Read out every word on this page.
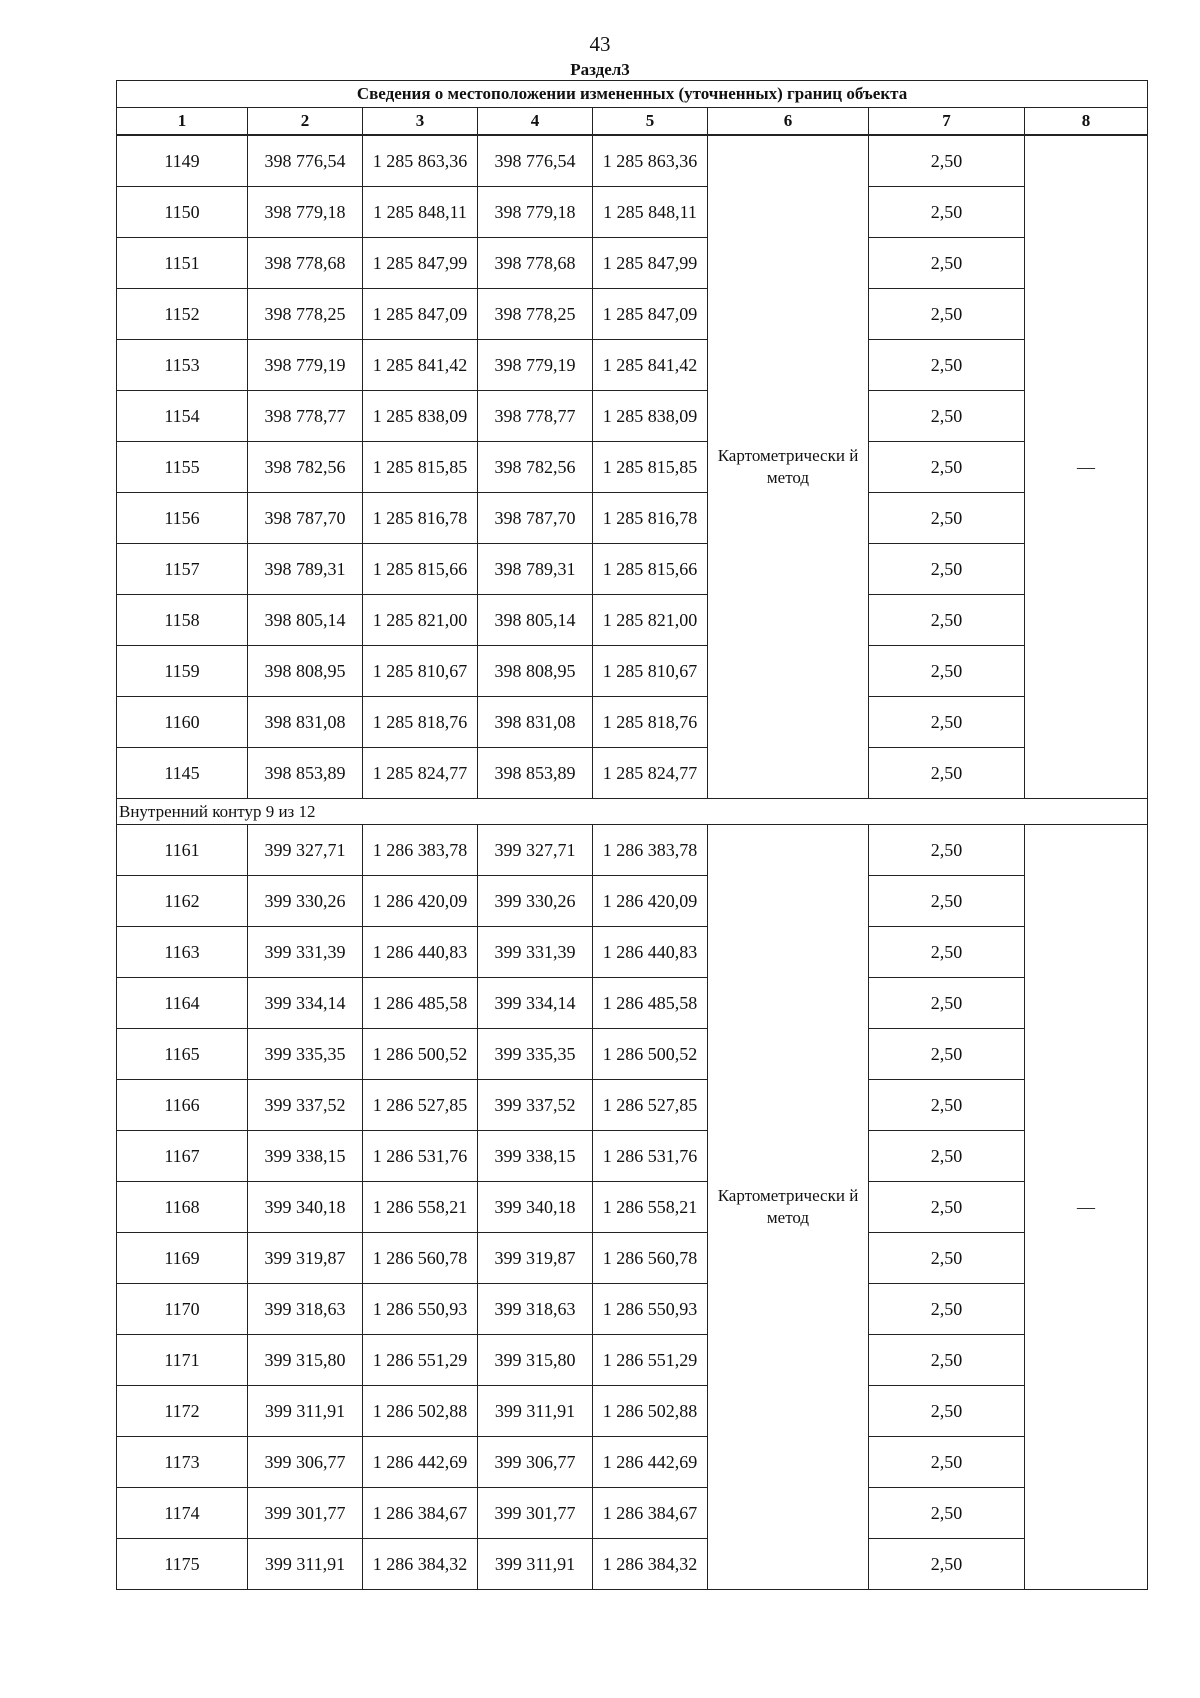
43
Раздел3
Сведения о местоположении измененных (уточненных) границ объекта							
1	2	3	4	5	6	7	8
1149	398 776,54	1 285 863,36	398 776,54	1 285 863,36	Картометрически й метод	2,50	—
1150	398 779,18	1 285 848,11	398 779,18	1 285 848,11		2,50	
1151	398 778,68	1 285 847,99	398 778,68	1 285 847,99		2,50	
1152	398 778,25	1 285 847,09	398 778,25	1 285 847,09		2,50	
1153	398 779,19	1 285 841,42	398 779,19	1 285 841,42		2,50	
1154	398 778,77	1 285 838,09	398 778,77	1 285 838,09		2,50	
1155	398 782,56	1 285 815,85	398 782,56	1 285 815,85		2,50	
1156	398 787,70	1 285 816,78	398 787,70	1 285 816,78		2,50	
1157	398 789,31	1 285 815,66	398 789,31	1 285 815,66		2,50	
1158	398 805,14	1 285 821,00	398 805,14	1 285 821,00		2,50	
1159	398 808,95	1 285 810,67	398 808,95	1 285 810,67		2,50	
1160	398 831,08	1 285 818,76	398 831,08	1 285 818,76		2,50	
1145	398 853,89	1 285 824,77	398 853,89	1 285 824,77		2,50	
Внутренний контур 9 из 12							
1161	399 327,71	1 286 383,78	399 327,71	1 286 383,78	Картометрически й метод	2,50	—
1162	399 330,26	1 286 420,09	399 330,26	1 286 420,09		2,50	
1163	399 331,39	1 286 440,83	399 331,39	1 286 440,83		2,50	
1164	399 334,14	1 286 485,58	399 334,14	1 286 485,58		2,50	
1165	399 335,35	1 286 500,52	399 335,35	1 286 500,52		2,50	
1166	399 337,52	1 286 527,85	399 337,52	1 286 527,85		2,50	
1167	399 338,15	1 286 531,76	399 338,15	1 286 531,76		2,50	
1168	399 340,18	1 286 558,21	399 340,18	1 286 558,21		2,50	
1169	399 319,87	1 286 560,78	399 319,87	1 286 560,78		2,50	
1170	399 318,63	1 286 550,93	399 318,63	1 286 550,93		2,50	
1171	399 315,80	1 286 551,29	399 315,80	1 286 551,29		2,50	
1172	399 311,91	1 286 502,88	399 311,91	1 286 502,88		2,50	
1173	399 306,77	1 286 442,69	399 306,77	1 286 442,69		2,50	
1174	399 301,77	1 286 384,67	399 301,77	1 286 384,67		2,50	
1175	399 311,91	1 286 384,32	399 311,91	1 286 384,32		2,50	
